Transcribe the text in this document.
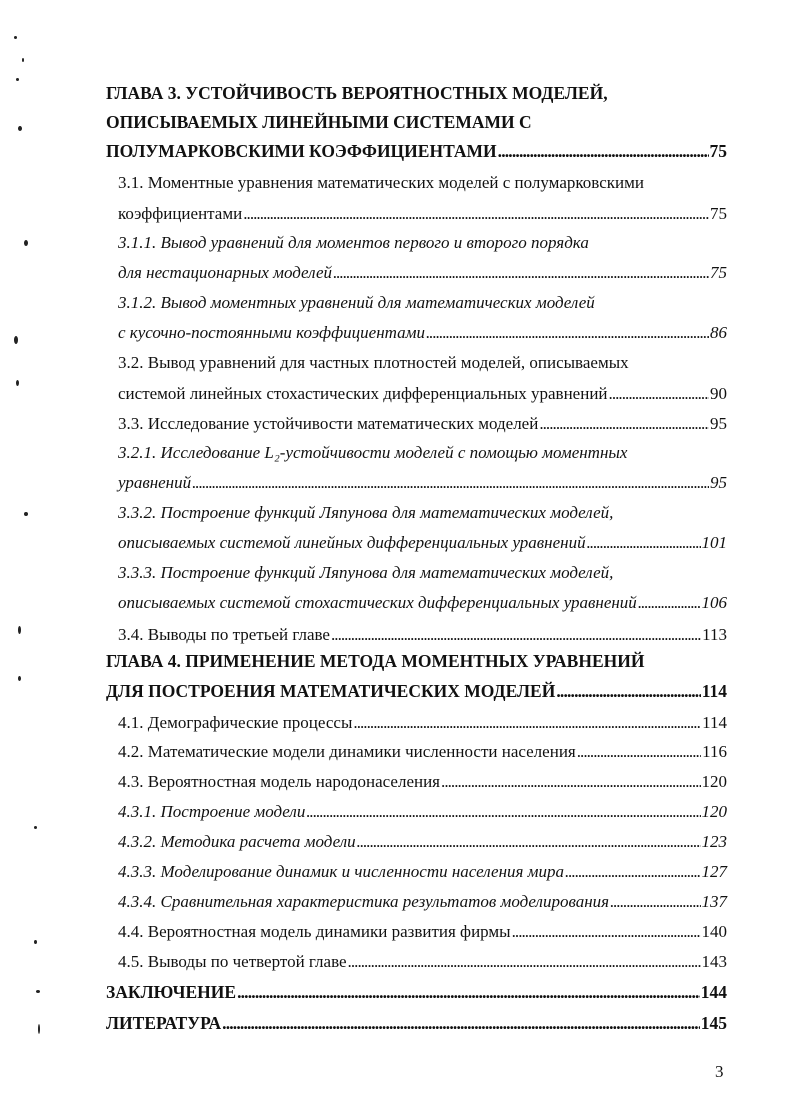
ГЛАВА 3. УСТОЙЧИВОСТЬ ВЕРОЯТНОСТНЫХ МОДЕЛЕЙ,
ОПИСЫВАЕМЫХ ЛИНЕЙНЫМИ СИСТЕМАМИ С
ПОЛУМАРКОВСКИМИ КОЭФФИЦИЕНТАМИ . . .	75
3.1. Моментные уравнения математических моделей с полумарковскими
коэффициентами . . .	75
3.1.1. Вывод уравнений для моментов первого и второго порядка
для нестационарных моделей . . .	75
3.1.2. Вывод моментных уравнений для математических моделей
с кусочно-постоянными коэффициентами . . .	86
3.2. Вывод уравнений для частных плотностей моделей, описываемых
системой линейных стохастических дифференциальных уравнений . . .	90
3.3. Исследование устойчивости математических моделей . . .	95
3.2.1. Исследование L₂-устойчивости моделей с помощью моментных
уравнений . . .	95
3.3.2. Построение функций Ляпунова для математических моделей,
описываемых системой линейных дифференциальных уравнений . . .	101
3.3.3. Построение функций Ляпунова для математических моделей,
описываемых системой стохастических дифференциальных уравнений . . .	106
3.4. Выводы по третьей главе . . .	113
ГЛАВА 4. ПРИМЕНЕНИЕ МЕТОДА МОМЕНТНЫХ УРАВНЕНИЙ
ДЛЯ ПОСТРОЕНИЯ МАТЕМАТИЧЕСКИХ МОДЕЛЕЙ . . .	114
4.1. Демографические процессы . . .	114
4.2. Математические модели динамики численности населения . . .	116
4.3. Вероятностная модель народонаселения . . .	120
4.3.1. Построение модели . . .	120
4.3.2. Методика расчета модели . . .	123
4.3.3. Моделирование динамик и численности населения мира . . .	127
4.3.4. Сравнительная характеристика результатов моделирования . . .	137
4.4. Вероятностная модель динамики развития фирмы . . .	140
4.5. Выводы по четвертой главе . . .	143
ЗАКЛЮЧЕНИЕ . . .	144
ЛИТЕРАТУРА . . .	145
3
